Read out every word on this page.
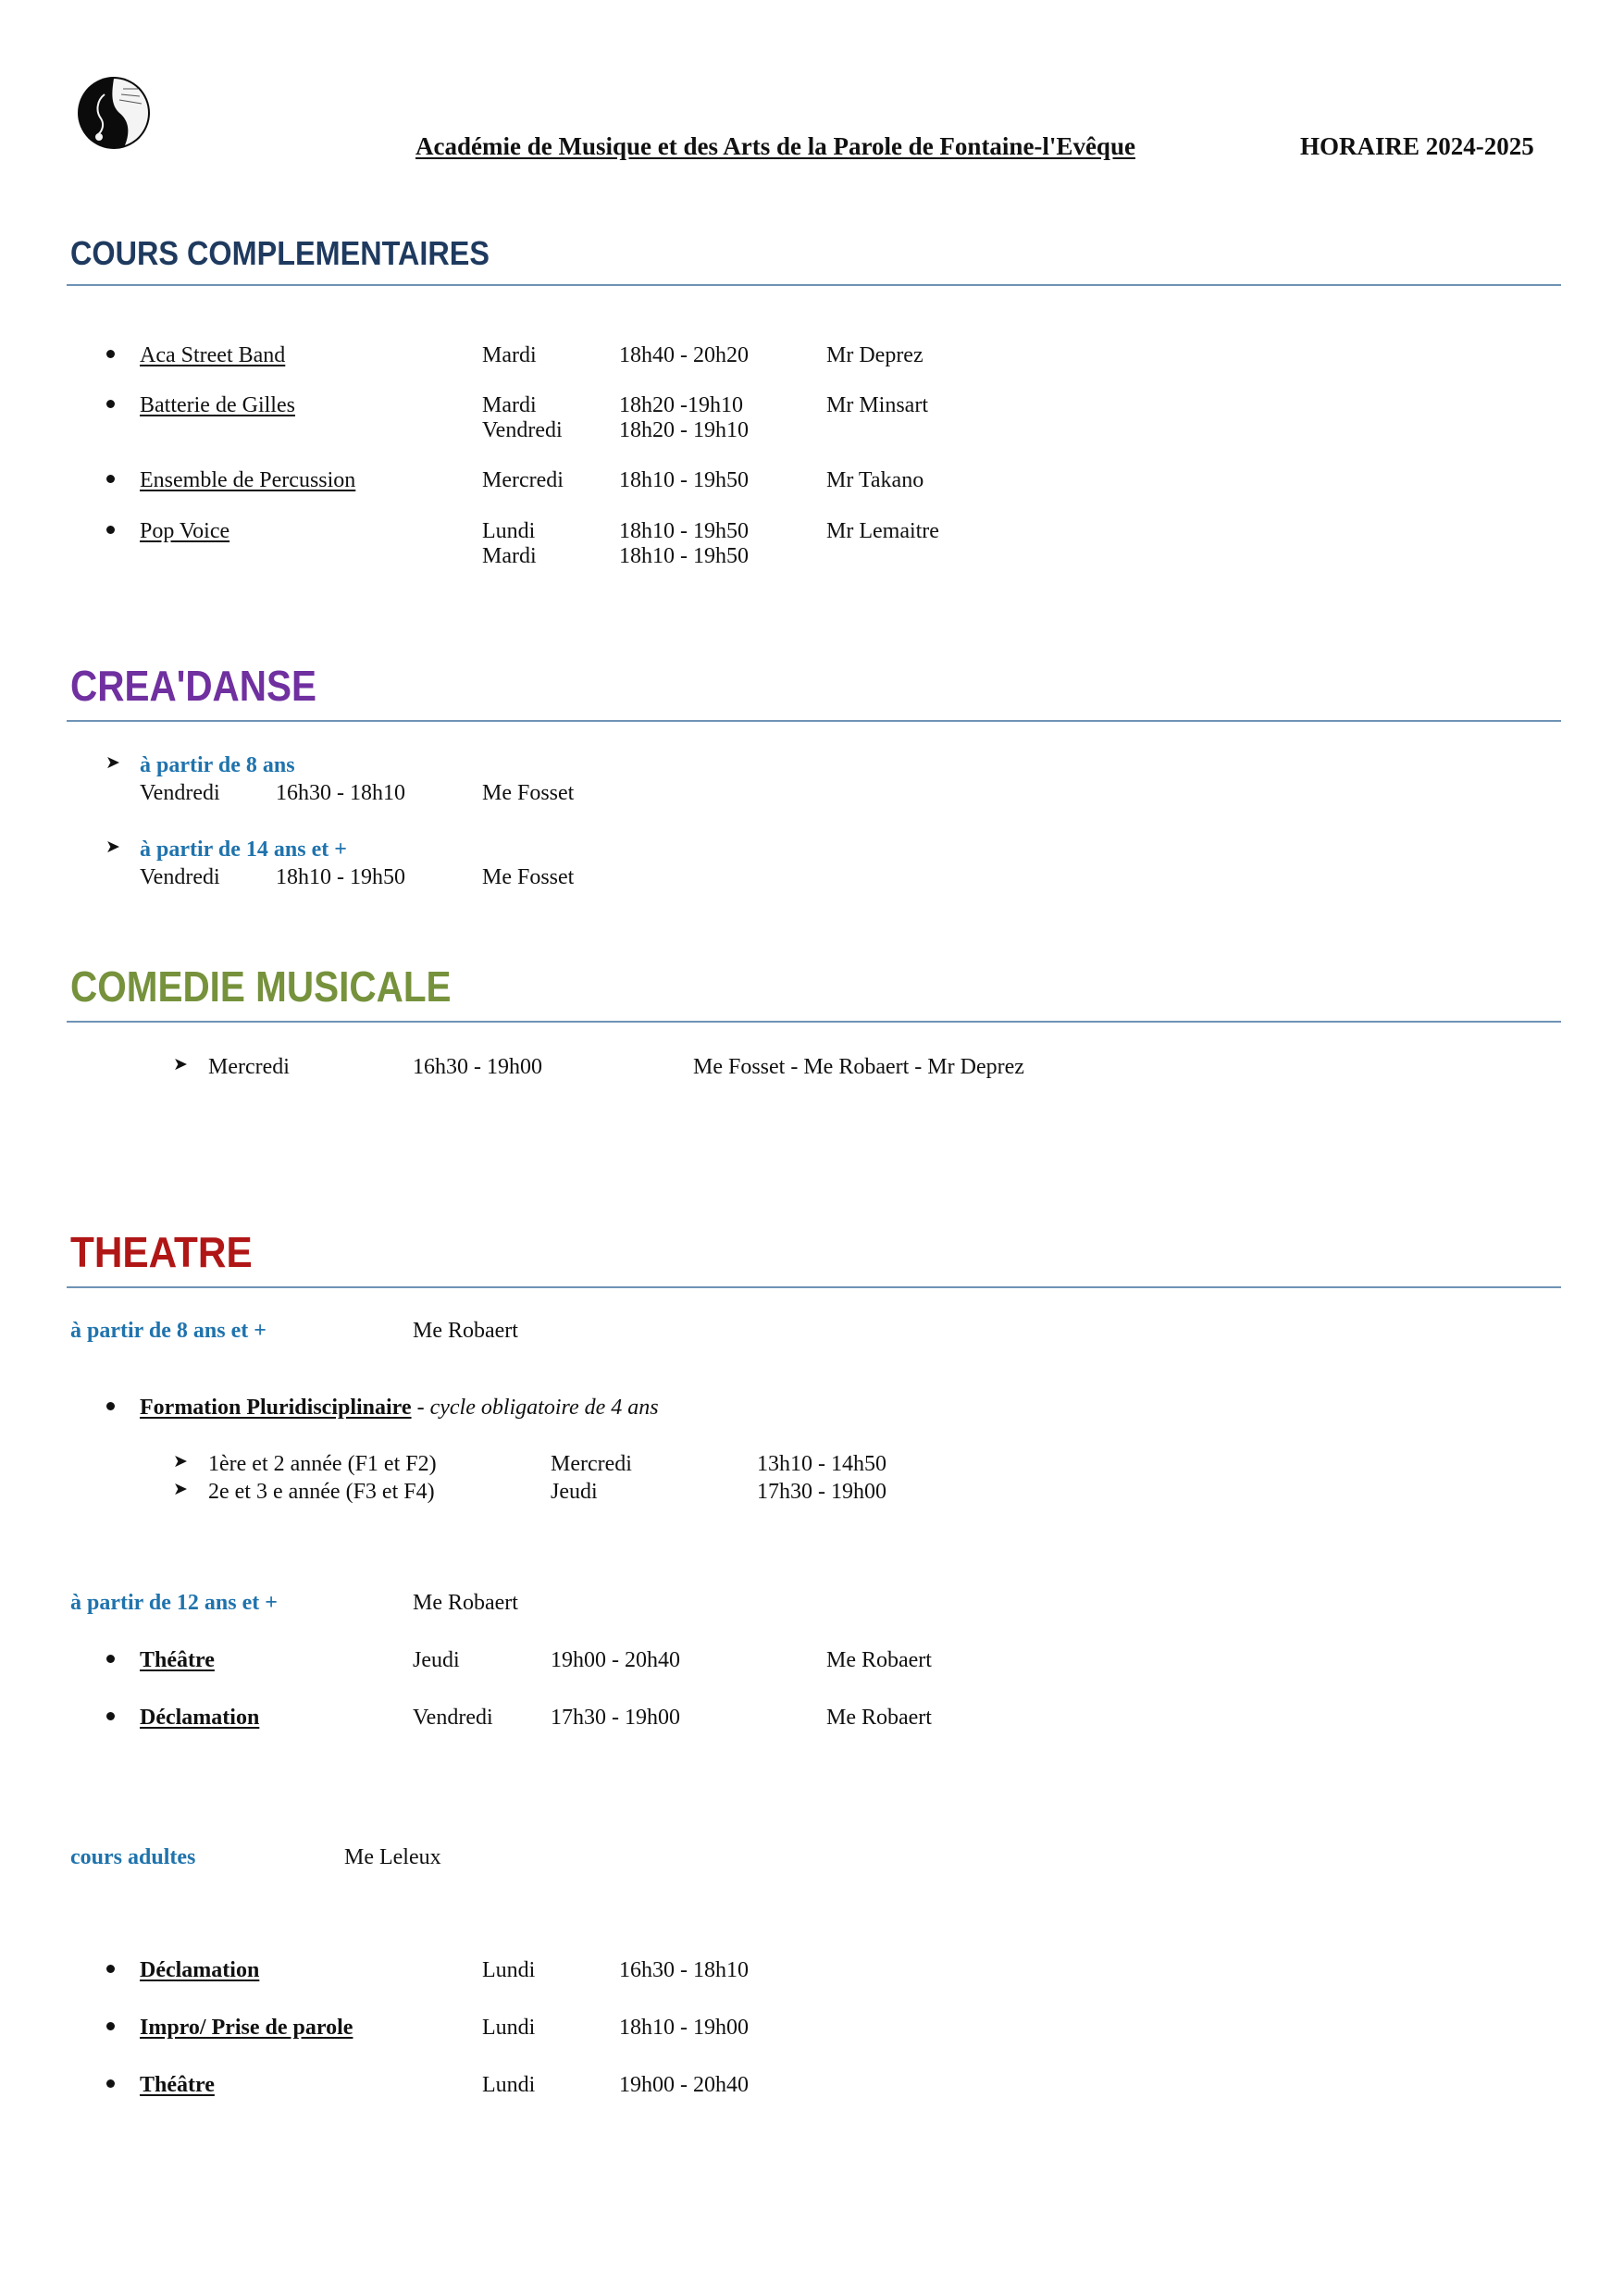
Académie de Musique et des Arts de la Parole de Fontaine-l'Evêque	HORAIRE 2024-2025
COURS COMPLEMENTAIRES
Aca Street Band	Mardi	18h40 - 20h20	Mr Deprez
Batterie de Gilles	Mardi	18h20 -19h10	Mr Minsart
Vendredi	18h20 - 19h10
Ensemble de Percussion	Mercredi	18h10 - 19h50	Mr Takano
Pop Voice	Lundi	18h10 - 19h50	Mr Lemaitre
Mardi	18h10 - 19h50
CREA'DANSE
➤ à partir de 8 ans
Vendredi	16h30 - 18h10	Me Fosset
➤ à partir de 14 ans et +
Vendredi	18h10 - 19h50	Me Fosset
COMEDIE MUSICALE
➤ Mercredi	16h30 - 19h00	Me Fosset - Me Robaert - Mr Deprez
THEATRE
à partir de 8 ans et +	Me Robaert
Formation Pluridisciplinaire - cycle obligatoire de 4 ans
➤ 1ère et 2 année (F1 et F2)	Mercredi	13h10 - 14h50
➤ 2e et 3 e année (F3 et F4)	Jeudi	17h30 - 19h00
à partir de 12 ans et +	Me Robaert
Théâtre	Jeudi	19h00 - 20h40	Me Robaert
Déclamation	Vendredi	17h30 - 19h00	Me Robaert
cours adultes	Me Leleux
Déclamation	Lundi	16h30 - 18h10
Impro/ Prise de parole	Lundi	18h10 - 19h00
Théâtre	Lundi	19h00 - 20h40
